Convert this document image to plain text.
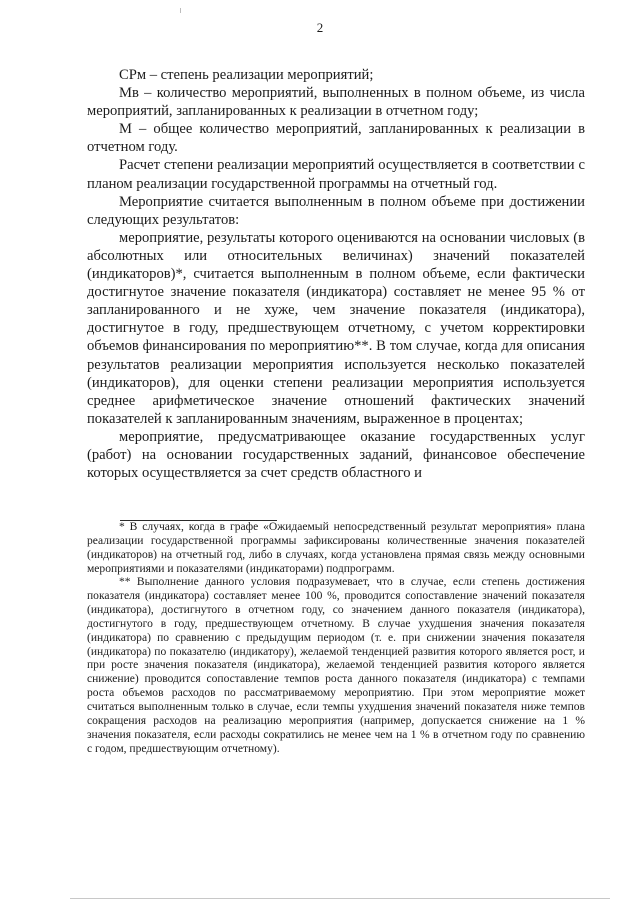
2

СРм – степень реализации мероприятий;

Мв – количество мероприятий, выполненных в полном объеме, из числа мероприятий, запланированных к реализации в отчетном году;

М – общее количество мероприятий, запланированных к реализации в отчетном году.

Расчет степени реализации мероприятий осуществляется в соответствии с планом реализации государственной программы на отчетный год.

Мероприятие считается выполненным в полном объеме при достижении следующих результатов:

мероприятие, результаты которого оцениваются на основании числовых (в абсолютных или относительных величинах) значений показателей (индикаторов)*, считается выполненным в полном объеме, если фактически достигнутое значение показателя (индикатора) составляет не менее 95 % от запланированного и не хуже, чем значение показателя (индикатора), достигнутое в году, предшествующем отчетному, с учетом корректировки объемов финансирования по мероприятию**. В том случае, когда для описания результатов реализации мероприятия используется несколько показателей (индикаторов), для оценки степени реализации мероприятия используется среднее арифметическое значение отношений фактических значений показателей к запланированным значениям, выраженное в процентах;

мероприятие, предусматривающее оказание государственных услуг (работ) на основании государственных заданий, финансовое обеспечение которых осуществляется за счет средств областного и

* В случаях, когда в графе «Ожидаемый непосредственный результат мероприятия» плана реализации государственной программы зафиксированы количественные значения показателей (индикаторов) на отчетный год, либо в случаях, когда установлена прямая связь между основными мероприятиями и показателями (индикаторами) подпрограмм.

** Выполнение данного условия подразумевает, что в случае, если степень достижения показателя (индикатора) составляет менее 100 %, проводится сопоставление значений показателя (индикатора), достигнутого в отчетном году, со значением данного показателя (индикатора), достигнутого в году, предшествующем отчетному. В случае ухудшения значения показателя (индикатора) по сравнению с предыдущим периодом (т. е. при снижении значения показателя (индикатора) по показателю (индикатору), желаемой тенденцией развития которого является рост, и при росте значения показателя (индикатора), желаемой тенденцией развития которого является снижение) проводится сопоставление темпов роста данного показателя (индикатора) с темпами роста объемов расходов по рассматриваемому мероприятию. При этом мероприятие может считаться выполненным только в случае, если темпы ухудшения значений показателя ниже темпов сокращения расходов на реализацию мероприятия (например, допускается снижение на 1 % значения показателя, если расходы сократились не менее чем на 1 % в отчетном году по сравнению с годом, предшествующим отчетному).
